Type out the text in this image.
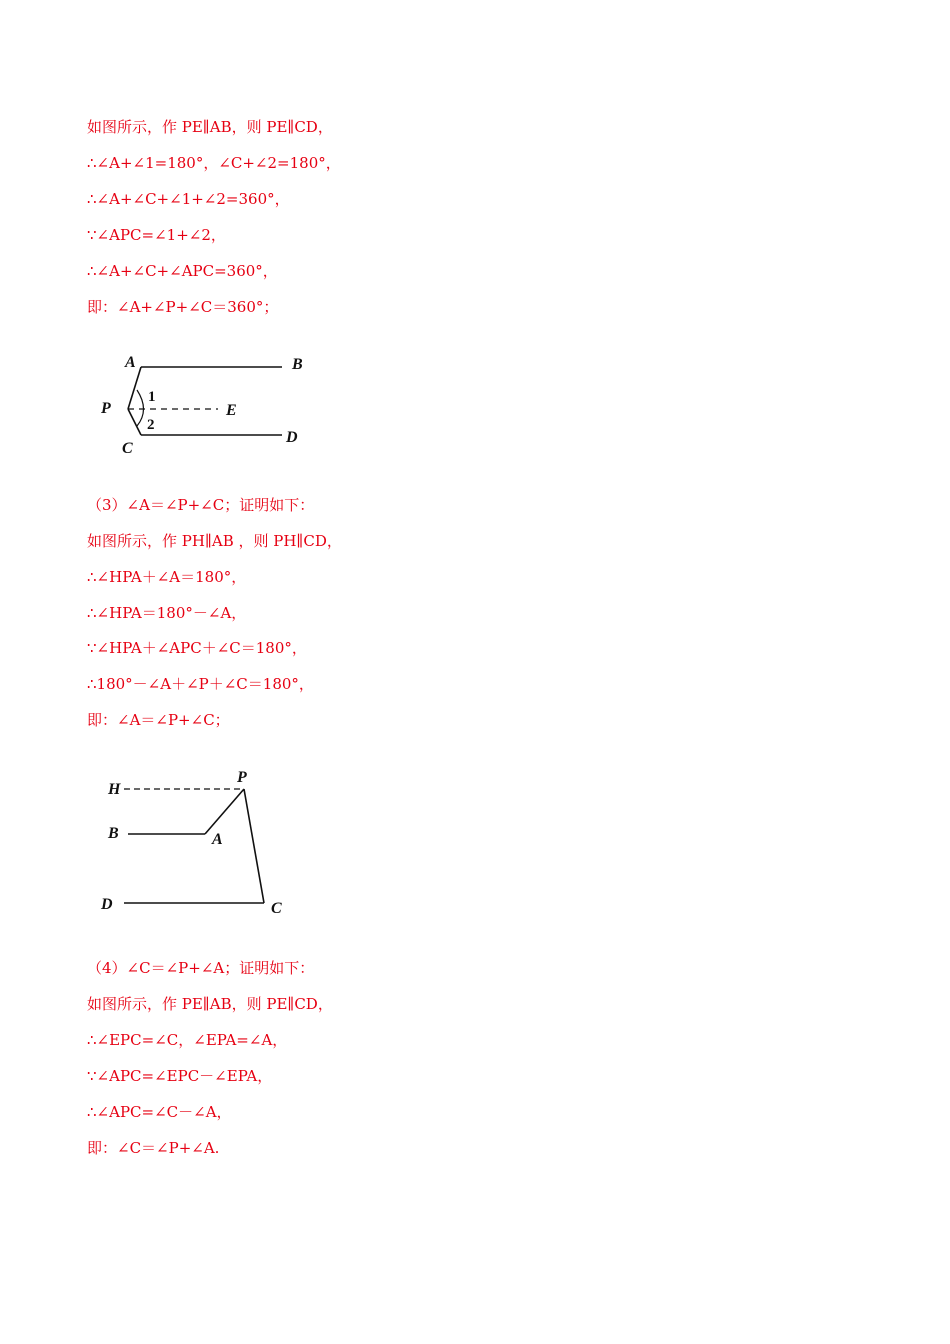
如图所示，作 PE∥AB，则 PE∥CD，
∴∠A+∠1=180°，∠C+∠2=180°，
∴∠A+∠C+∠1+∠2=360°，
∵∠APC=∠1+∠2，
∴∠A+∠C+∠APC=360°，
即：∠A+∠P+∠C＝360°；
A	B
P	E
C
D
1
2
（3）∠A＝∠P+∠C；证明如下：
如图所示，作 PH∥AB ，则 PH∥CD，
∴∠HPA＋∠A＝180°，
∴∠HPA＝180°－∠A，
∵∠HPA＋∠APC＋∠C＝180°，
∴180°－∠A＋∠P＋∠C＝180°，
即：∠A＝∠P+∠C；
H
P
B	A
D	C
（4）∠C＝∠P+∠A；证明如下：
如图所示，作 PE∥AB，则 PE∥CD，
∴∠EPC=∠C，∠EPA=∠A，
∵∠APC=∠EPC－∠EPA，
∴∠APC=∠C－∠A，
即：∠C＝∠P+∠A.
